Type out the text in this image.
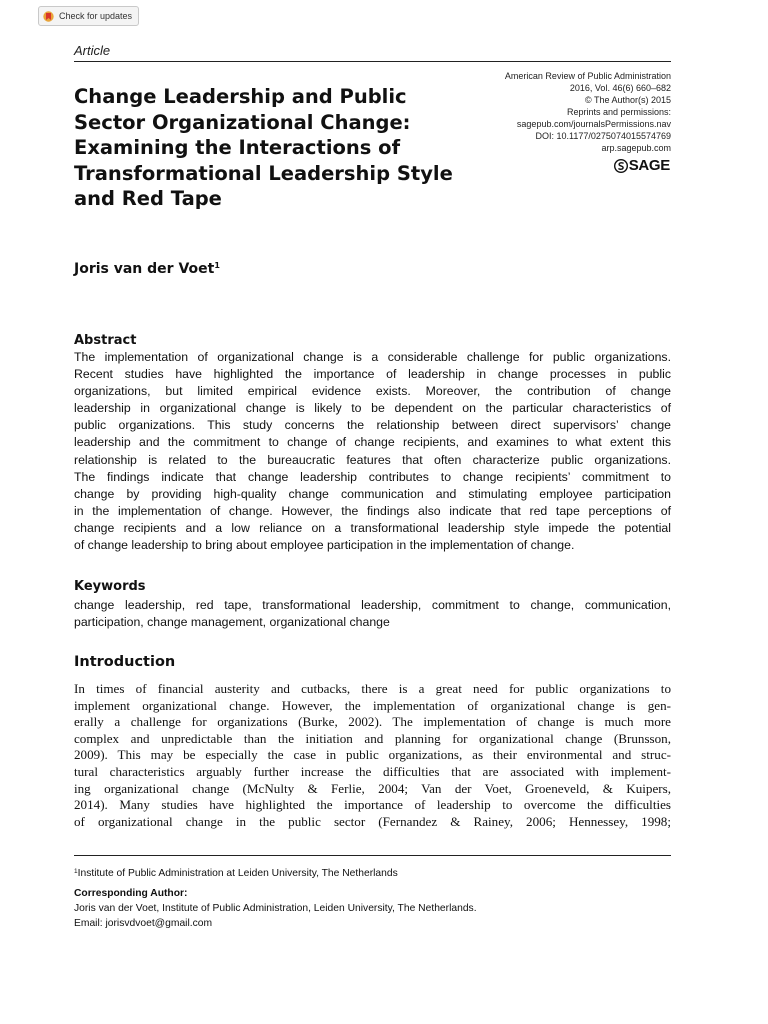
Check for updates
Article
Change Leadership and Public
Sector Organizational Change:
Examining the Interactions of
Transformational Leadership Style
and Red Tape
American Review of Public Administration
2016, Vol. 46(6) 660–682
© The Author(s) 2015
Reprints and permissions:
sagepub.com/journalsPermissions.nav
DOI: 10.1177/0275074015574769
arp.sagepub.com
SAGE
Joris van der Voet$^1$
Abstract
The implementation of organizational change is a considerable challenge for public organizations.
Recent studies have highlighted the importance of leadership in change processes in public
organizations, but limited empirical evidence exists. Moreover, the contribution of change
leadership in organizational change is likely to be dependent on the particular characteristics of
public organizations. This study concerns the relationship between direct supervisors’ change
leadership and the commitment to change of change recipients, and examines to what extent this
relationship is related to the bureaucratic features that often characterize public organizations.
The findings indicate that change leadership contributes to change recipients’ commitment to
change by providing high-quality change communication and stimulating employee participation
in the implementation of change. However, the findings also indicate that red tape perceptions of
change recipients and a low reliance on a transformational leadership style impede the potential
of change leadership to bring about employee participation in the implementation of change.
Keywords
change leadership, red tape, transformational leadership, commitment to change, communication,
participation, change management, organizational change
Introduction
In times of financial austerity and cutbacks, there is a great need for public organizations to
implement organizational change. However, the implementation of organizational change is gen-
erally a challenge for organizations (Burke, 2002). The implementation of change is much more
complex and unpredictable than the initiation and planning for organizational change (Brunsson,
2009). This may be especially the case in public organizations, as their environmental and struc-
tural characteristics arguably further increase the difficulties that are associated with implement-
ing organizational change (McNulty & Ferlie, 2004; Van der Voet, Groeneveld, & Kuipers,
2014). Many studies have highlighted the importance of leadership to overcome the difficulties
of organizational change in the public sector (Fernandez & Rainey, 2006; Hennessey, 1998;
$^1$Institute of Public Administration at Leiden University, The Netherlands
Corresponding Author:
Joris van der Voet, Institute of Public Administration, Leiden University, The Netherlands.
Email: jorisvdvoet@gmail.com
